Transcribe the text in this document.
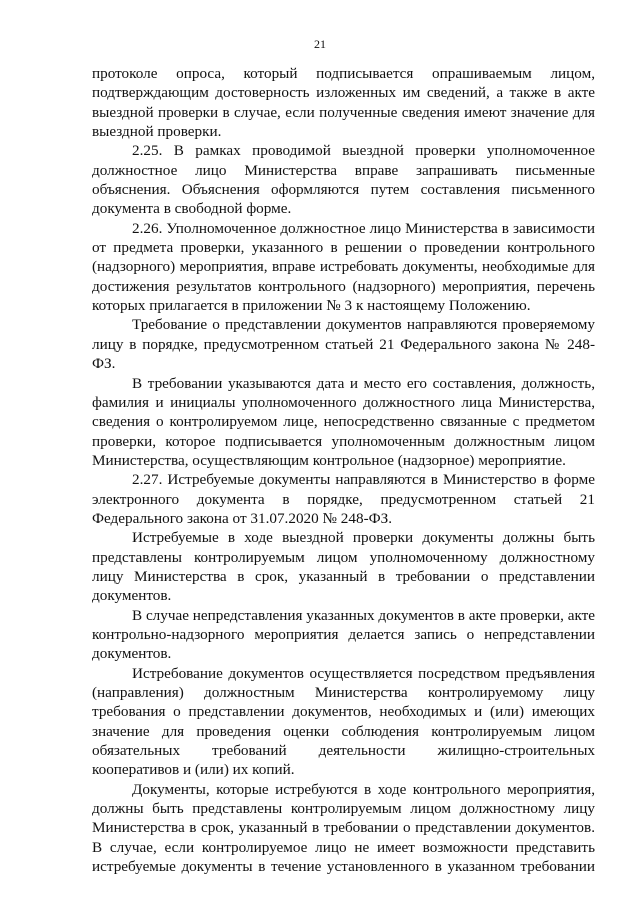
21

протоколе опроса, который подписывается опрашиваемым лицом, подтверждающим достоверность изложенных им сведений, а также в акте выездной проверки в случае, если полученные сведения имеют значение для выездной проверки.

2.25. В рамках проводимой выездной проверки уполномоченное должностное лицо Министерства вправе запрашивать письменные объяснения. Объяснения оформляются путем составления письменного документа в свободной форме.

2.26. Уполномоченное должностное лицо Министерства в зависимости от предмета проверки, указанного в решении о проведении контрольного (надзорного) мероприятия, вправе истребовать документы, необходимые для достижения результатов контрольного (надзорного) мероприятия, перечень которых прилагается в приложении № 3 к настоящему Положению.

Требование о представлении документов направляются проверяемому лицу в порядке, предусмотренном статьей 21 Федерального закона № 248-ФЗ.

В требовании указываются дата и место его составления, должность, фамилия и инициалы уполномоченного должностного лица Министерства, сведения о контролируемом лице, непосредственно связанные с предметом проверки, которое подписывается уполномоченным должностным лицом Министерства, осуществляющим контрольное (надзорное) мероприятие.

2.27. Истребуемые документы направляются в Министерство в форме электронного документа в порядке, предусмотренном статьей 21 Федерального закона от 31.07.2020 № 248-ФЗ.

Истребуемые в ходе выездной проверки документы должны быть представлены контролируемым лицом уполномоченному должностному лицу Министерства в срок, указанный в требовании о представлении документов.

В случае непредставления указанных документов в акте проверки, акте контрольно-надзорного мероприятия делается запись о непредставлении документов.

Истребование документов осуществляется посредством предъявления (направления) должностным Министерства контролируемому лицу требования о представлении документов, необходимых и (или) имеющих значение для проведения оценки соблюдения контролируемым лицом обязательных требований деятельности жилищно-строительных кооперативов и (или) их копий.

Документы, которые истребуются в ходе контрольного мероприятия, должны быть представлены контролируемым лицом должностному лицу Министерства в срок, указанный в требовании о представлении документов. В случае, если контролируемое лицо не имеет возможности представить истребуемые документы в течение установленного в указанном требовании
